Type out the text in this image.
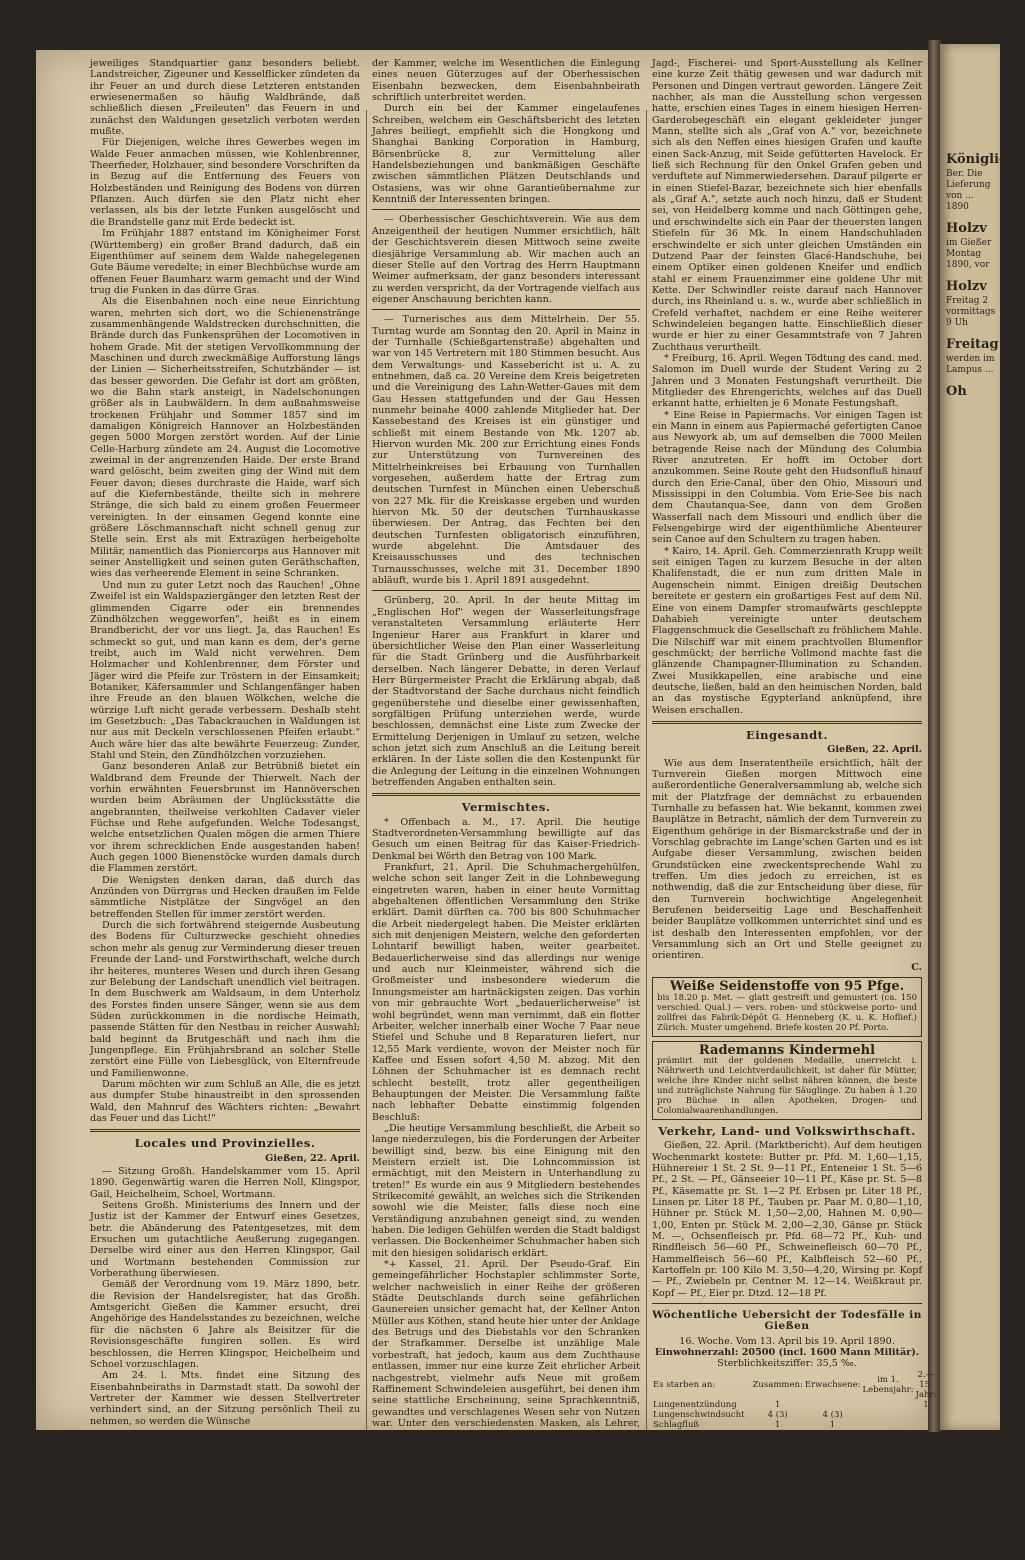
Königliche
Ber. Die Lieferung von ... 1890
Holzv
im Gießer Montag 1890, vor
Holzv
Freitag 2 vormittags 9 Uh
Freitag
werden im Lampus ...
Oh

jeweiliges Standquartier ganz besonders beliebt. Landstreicher, Zigeuner und Kesselflicker zündeten da ihr Feuer an und durch diese Letzteren entstanden erwiesenermaßen so häufig Waldbrände, daß schließlich diesen „Freileuten" das Feuern in und zunächst den Waldungen gesetzlich verboten werden mußte.

Für Diejenigen, welche ihres Gewerbes wegen im Walde Feuer anmachen müssen, wie Kohlenbrenner, Theerfieder, Holzhauer, sind besondere Vorschriften da in Bezug auf die Entfernung des Feuers von Holzbeständen und Reinigung des Bodens von dürren Pflanzen. Auch dürfen sie den Platz nicht eher verlassen, als bis der letzte Funken ausgelöscht und die Brandstelle ganz mit Erde bedeckt ist.

Im Frühjahr 1887 entstand im Königheimer Forst (Württemberg) ein großer Brand dadurch, daß ein Eigenthümer auf seinem dem Walde nahegelegenen Gute Bäume veredelte; in einer Blechbüchse wurde am offenen Feuer Baumharz warm gemacht und der Wind trug die Funken in das dürre Gras.

Als die Eisenbahnen noch eine neue Einrichtung waren, mehrten sich dort, wo die Schienenstränge zusammenhängende Waldstrecken durchschnitten, die Brände durch das Funkensprühen der Locomotiven in hohem Grade. Mit der stetigen Vervollkommnung der Maschinen und durch zweckmäßige Aufforstung längs der Linien — Sicherheitsstreifen, Schutzbänder — ist das besser geworden. Die Gefahr ist dort am größten, wo die Bahn stark ansteigt, in Nadelschonungen größer als in Laubwäldern. In dem außnahmsweise trockenen Frühjahr und Sommer 1857 sind im damaligen Königreich Hannover an Holzbeständen gegen 5000 Morgen zerstört worden. Auf der Linie Celle-Harburg zündete am 24. August die Locomotive zweimal in der angrenzenden Haide. Der erste Brand ward gelöscht, beim zweiten ging der Wind mit dem Feuer davon; dieses durchraste die Haide, warf sich auf die Kiefernbestände, theilte sich in mehrere Stränge, die sich bald zu einem großen Feuermeer vereinigten. In der einsamen Gegend konnte eine größere Löschmannschaft nicht schnell genug zur Stelle sein. Erst als mit Extrazügen herbeigeholte Militär, namentlich das Pioniercorps aus Hannover mit seiner Anstelligkeit und seinen guten Geräthschaften, wies das verheerende Element in seine Schranken.

Und nun zu guter Letzt noch das Rauchen! „Ohne Zweifel ist ein Waldspaziergänger den letzten Rest der glimmenden Cigarre oder ein brennendes Zündhölzchen weggeworfen", heißt es in einem Brandbericht, der vor uns liegt. Ja, das Rauchen! Es schmeckt so gut, und man kann es dem, der's gerne treibt, auch im Wald nicht verwehren. Dem Holzmacher und Kohlenbrenner, dem Förster und Jäger wird die Pfeife zur Tröstern in der Einsamkeit; Botaniker, Käfersammler und Schlangenfänger haben ihre Freude an den blauen Wölkchen, welche die würzige Luft nicht gerade verbessern. Deshalb steht im Gesetzbuch: „Das Tabackrauchen in Waldungen ist nur aus mit Deckeln verschlossenen Pfeifen erlaubt." Auch wäre hier das alte bewährte Feuerzeug: Zunder, Stahl und Stein, den Zündhölzchen vorzuziehen.

Ganz besonderen Anlaß zur Betrübniß bietet ein Waldbrand dem Freunde der Thierwelt. Nach der vorhin erwähnten Feuersbrunst im Hannöverschen wurden beim Abräumen der Unglücksstätte die angebrannten, theilweise verkohlten Cadaver vieler Füchse und Rehe aufgefunden. Welche Todesangst, welche entsetzlichen Qualen mögen die armen Thiere vor ihrem schrecklichen Ende ausgestanden haben! Auch gegen 1000 Bienenstöcke wurden damals durch die Flammen zerstört.

Die Wenigsten denken daran, daß durch das Anzünden von Dürrgras und Hecken draußen im Felde sämmtliche Nistplätze der Singvögel an den betreffenden Stellen für immer zerstört werden.

Durch die sich fortwährend steigernde Ausbeutung des Bodens für Culturzwecke geschieht ohnedies schon mehr als genug zur Verminderung dieser treuen Freunde der Land- und Forstwirthschaft, welche durch ihr heiteres, munteres Wesen und durch ihren Gesang zur Belebung der Landschaft unendlich viel beitragen. In dem Buschwerk am Waldsaum, in dem Unterholz des Forstes finden unsere Sänger, wenn sie aus dem Süden zurückkommen in die nordische Heimath, passende Stätten für den Nestbau in reicher Auswahl; bald beginnt da Brutgeschäft und nach ihm die Jungenpflege. Ein Frühjahrsbrand an solcher Stelle zerstört eine Fülle von Liebesglück, von Elternfreude und Familienwonne.

Darum möchten wir zum Schluß an Alle, die es jetzt aus dumpfer Stube hinaustreibt in den sprossenden Wald, den Mahnruf des Wächters richten: „Bewahrt das Feuer und das Licht!"

Locales und Provinzielles.
Gießen, 22. April.

— Sitzung Großh. Handelskammer vom 15. April 1890. Gegenwärtig waren die Herren Noll, Klingspor, Gail, Heichelheim, Schoel, Wortmann.

Seitens Großh. Ministeriums des Innern und der Justiz ist der Kammer der Entwurf eines Gesetzes, betr. die Abänderung des Patentgesetzes, mit dem Ersuchen um gutachtliche Aeußerung zugegangen. Derselbe wird einer aus den Herren Klingspor, Gail und Wortmann bestehenden Commission zur Vorberathung überwiesen.

Gemäß der Verordnung vom 19. März 1890, betr. die Revision der Handelsregister, hat das Großh. Amtsgericht Gießen die Kammer ersucht, drei Angehörige des Handelsstandes zu bezeichnen, welche für die nächsten 6 Jahre als Beisitzer für die Revisionsgeschäfte fungiren sollen. Es wird beschlossen, die Herren Klingspor, Heichelheim und Schoel vorzuschlagen.

Am 24. l. Mts. findet eine Sitzung des Eisenbahnbeiraths in Darmstadt statt. Da sowohl der Vertreter der Kammer wie dessen Stellvertreter verhindert sind, an der Sitzung persönlich Theil zu nehmen, so werden die Wünsche

der Kammer, welche im Wesentlichen die Einlegung eines neuen Güterzuges auf der Oberhessischen Eisenbahn bezwecken, dem Eisenbahnbeirath schriftlich unterbreitet werden.

Durch ein bei der Kammer eingelaufenes Schreiben, welchem ein Geschäftsbericht des letzten Jahres beiliegt, empfiehlt sich die Hongkong und Shanghai Banking Corporation in Hamburg, Börsenbrücke 8, zur Vermittelung aller Handelsbeziehungen und bankmäßigen Geschäfte zwischen sämmtlichen Plätzen Deutschlands und Ostasiens, was wir ohne Garantieübernahme zur Kenntniß der Interessenten bringen.

— Oberhessischer Geschichtsverein. Wie aus dem Anzeigentheil der heutigen Nummer ersichtlich, hält der Geschichtsverein diesen Mittwoch seine zweite diesjährige Versammlung ab. Wir machen auch an dieser Stelle auf den Vortrag des Herrn Hauptmann Weimer aufmerksam, der ganz besonders interessant zu werden verspricht, da der Vortragende vielfach aus eigener Anschauung berichten kann.

— Turnerisches aus dem Mittelrhein. Der 55. Turntag wurde am Sonntag den 20. April in Mainz in der Turnhalle (Schießgartenstraße) abgehalten und war von 145 Vertretern mit 180 Stimmen besucht. Aus dem Verwaltungs- und Kassebericht ist u. A. zu entnehmen, daß ca. 20 Vereine dem Kreis beigetreten und die Vereinigung des Lahn-Wetter-Gaues mit dem Gau Hessen stattgefunden und der Gau Hessen nunmehr beinahe 4000 zahlende Mitglieder hat. Der Kassebestand des Kreises ist ein günstiger und schließt mit einem Bestande von Mk. 1207 ab. Hiervon wurden Mk. 200 zur Errichtung eines Fonds zur Unterstützung von Turnvereinen des Mittelrheinkreises bei Erbauung von Turnhallen vorgesehen, außerdem hatte der Ertrag zum deutschen Turnfest in München einen Ueberschuß von 227 Mk. für die Kreiskasse ergeben und wurden hiervon Mk. 50 der deutschen Turnhauskasse überwiesen. Der Antrag, das Fechten bei den deutschen Turnfesten obligatorisch einzuführen, wurde abgelehnt. Die Amtsdauer des Kreisausschusses und des technischen Turnausschusses, welche mit 31. December 1890 abläuft, wurde bis 1. April 1891 ausgedehnt.

Grünberg, 20. April. In der heute Mittag im „Englischen Hof" wegen der Wasserleitungsfrage veranstalteten Versammlung erläuterte Herr Ingenieur Harer aus Frankfurt in klarer und übersichtlicher Weise den Plan einer Wasserleitung für die Stadt Grünberg und die Ausführbarkeit derselben. Nach längerer Debatte, in deren Verlauf Herr Bürgermeister Pracht die Erklärung abgab, daß der Stadtvorstand der Sache durchaus nicht feindlich gegenüberstehe und dieselbe einer gewissenhaften, sorgfältigen Prüfung unterziehen werde, wurde beschlossen, demnächst eine Liste zum Zwecke der Ermittelung Derjenigen in Umlauf zu setzen, welche schon jetzt sich zum Anschluß an die Leitung bereit erklären. In der Liste sollen die den Kostenpunkt für die Anlegung der Leitung in die einzelnen Wohnungen betreffenden Angaben enthalten sein.

Vermischtes.

* Offenbach a. M., 17. April. Die heutige Stadtverordneten-Versammlung bewilligte auf das Gesuch um einen Beitrag für das Kaiser-Friedrich-Denkmal bei Wörth den Betrag von 100 Mark.

Frankfurt, 21. April. Die Schuhmachergehülfen, welche schon seit langer Zeit in die Lohnbewegung eingetreten waren, haben in einer heute Vormittag abgehaltenen öffentlichen Versammlung den Strike erklärt. Damit dürften ca. 700 bis 800 Schuhmacher die Arbeit niedergelegt haben. Die Meister erklärten sich mit denjenigen Meistern, welche den geforderten Lohntarif bewilligt haben, weiter gearbeitet. Bedauerlicherweise sind das allerdings nur wenige und auch nur Kleinmeister, während sich die Großmeister und insbesondere wiederum die Innungsmeister am hartnäckigsten zeigen. Das vorhin von mir gebrauchte Wort „bedauerlicherweise" ist wohl begründet, wenn man vernimmt, daß ein flotter Arbeiter, welcher innerhalb einer Woche 7 Paar neue Stiefel und Schuhe und 8 Reparaturen liefert, nur 12,55 Mark verdiente, wovon der Meister noch für Kaffee und Essen sofort 4,50 M. abzog. Mit den Löhnen der Schuhmacher ist es demnach recht schlecht bestellt, trotz aller gegentheiligen Behauptungen der Meister. Die Versammlung faßte nach lebhafter Debatte einstimmig folgenden Beschluß:

„Die heutige Versammlung beschließt, die Arbeit so lange niederzulegen, bis die Forderungen der Arbeiter bewilligt sind, bezw. bis eine Einigung mit den Meistern erzielt ist. Die Lohncommission ist ermächtigt, mit den Meistern in Unterhandlung zu treten!" Es wurde ein aus 9 Mitgliedern bestehendes Strikecomité gewählt, an welches sich die Strikenden sowohl wie die Meister, falls diese noch eine Verständigung anzubahnen geneigt sind, zu wenden haben. Die ledigen Gehülfen werden die Stadt baldigst verlassen. Die Bockenheimer Schuhmacher haben sich mit den hiesigen solidarisch erklärt.

*+ Kassel, 21. April. Der Pseudo-Graf. Ein gemeingefährlicher Hochstapler schlimmster Sorte, welcher nachweislich in einer Reihe der größeren Städte Deutschlands durch seine gefährlichen Gaunereien unsicher gemacht hat, der Kellner Anton Müller aus Köthen, stand heute hier unter der Anklage des Betrugs und des Diebstahls vor den Schranken der Strafkammer. Derselbe ist unzählige Male vorbestraft, hat jedoch, kaum aus dem Zuchthause entlassen, immer nur eine kurze Zeit ehrlicher Arbeit nachgestrebt, vielmehr aufs Neue mit großem Raffinement Schwindeleien ausgeführt, bei denen ihm seine stattliche Erscheinung, seine Sprachkenntniß, gewandtes und verschlagenes Wesen sehr von Nutzen war. Unter den verschiedensten Masken, als Lehrer, Schauspieler, Student, Collecteur u. s. w., hat er sich in das Vertrauen seiner Mitmenschen eingeschlichen und dieselben auf das Schändlichste betrogen. Seine letzte Gastrolle gab er als „Graf" hier in Kassel. Er war im Sommer v. J. auf der hiesigen

Jagd-, Fischerei- und Sport-Ausstellung als Kellner eine kurze Zeit thätig gewesen und war dadurch mit Personen und Dingen vertraut geworden. Längere Zeit nachher, als man die Ausstellung schon vergessen hatte, erschien eines Tages in einem hiesigen Herren-Garderobegeschäft ein elegant gekleideter junger Mann, stellte sich als „Graf von A." vor, bezeichnete sich als den Neffen eines hiesigen Grafen und kaufte einen Sack-Anzug, mit Seide gefütterten Havelock. Er ließ sich Rechnung für den Onkel Grafen geben und verduftete auf Nimmerwiedersehen. Darauf pilgerte er in einen Stiefel-Bazar, bezeichnete sich hier ebenfalls als „Graf A.", setzte auch noch hinzu, daß er Student sei, von Heidelberg komme und nach Göttingen gehe, und erschwindelte sich ein Paar der theuersten langen Stiefeln für 36 Mk. In einem Handschuhladen erschwindelte er sich unter gleichen Umständen ein Dutzend Paar der feinsten Glacé-Handschuhe, bei einem Optiker einen goldenen Kneifer und endlich stahl er einem Frauenzimmer eine goldene Uhr mit Kette. Der Schwindler reiste darauf nach Hannover durch, ins Rheinland u. s. w., wurde aber schließlich in Crefeld verhaftet, nachdem er eine Reihe weiterer Schwindeleien begangen hatte. Einschließlich dieser wurde er hier zu einer Gesammtstrafe von 7 Jahren Zuchthaus verurtheilt.

* Freiburg, 16. April. Wegen Tödtung des cand. med. Salomon im Duell wurde der Student Vering zu 2 Jahren und 3 Monaten Festungshaft verurtheilt. Die Mitglieder des Ehrengerichts, welches auf das Duell erkannt hatte, erhielten je 6 Monate Festungshaft.

* Eine Reise in Papiermachs. Vor einigen Tagen ist ein Mann in einem aus Papiermaché gefertigten Canoe aus Newyork ab, um auf demselben die 7000 Meilen betragende Reise nach der Mündung des Columbia River anzutreten. Er hofft im October dort anzukommen. Seine Route geht den Hudsonfluß hinauf durch den Erie-Canal, über den Ohio, Missouri und Mississippi in den Columbia. Vom Erie-See bis nach dem Chautanqua-See, dann von dem Großen Wasserfall nach dem Missouri und endlich über die Felsengebirge wird der eigenthümliche Abenteurer sein Canoe auf den Schultern zu tragen haben.

* Kairo, 14. April. Geh. Commerzienrath Krupp weilt seit einigen Tagen zu kurzem Besuche in der alten Khalifenstadt, die er nun zum dritten Male in Augenschein nimmt. Einigen dreißig Deutschen bereitete er gestern ein großartiges Fest auf dem Nil. Eine von einem Dampfer stromaufwärts geschleppte Dahabieh vereinigte unter deutschem Flaggenschmuck die Gesellschaft zu fröhlichem Mahle. Die Nilschiff war mit einem prachtvollen Blumenflor geschmückt; der herrliche Vollmond machte fast die glänzende Champagner-Illumination zu Schanden. Zwei Musikkapellen, eine arabische und eine deutsche, ließen, bald an den heimischen Norden, bald an das mystische Egypterland anknüpfend, ihre Weisen erschallen.

Eingesandt.
Gießen, 22. April.

Wie aus dem Inseratentheile ersichtlich, hält der Turnverein Gießen morgen Mittwoch eine außerordentliche Generalversammlung ab, welche sich mit der Platzfrage der demnächst zu erbauenden Turnhalle zu befassen hat. Wie bekannt, kommen zwei Bauplätze in Betracht, nämlich der dem Turnverein zu Eigenthum gehörige in der Bismarckstraße und der in Vorschlag gebrachte im Lange'schen Garten und es ist Aufgabe dieser Versammlung, zwischen beiden Grundstücken eine zweckentsprechende Wahl zu treffen. Um dies jedoch zu erreichen, ist es nothwendig, daß die zur Entscheidung über diese, für den Turnverein hochwichtige Angelegenheit Berufenen beiderseitig Lage und Beschaffenheit beider Bauplätze vollkommen unterrichtet sind und es ist deshalb den Interessenten empfohlen, vor der Versammlung sich an Ort und Stelle geeignet zu orientiren.

C.
Weiße Seidenstoffe von 95 Pfge.
bis 18.20 p. Met. — glatt gestreift und gemustert (ca. 150 verschied. Qual.) — vers. roben- und stückweise porto- und zollfrei das Fabrik-Dépôt G. Henneberg (K. u. K. Hoflief.) Zürich. Muster umgehend. Briefe kosten 20 Pf. Porto.
Rademanns Kindermehl
prämiirt mit der goldenen Medaille, unerreicht i. Nährwerth und Leichtverdaulichkeit, ist daher für Mütter, welche ihre Kinder nicht selbst nähren können, die beste und zuträglichste Nahrung für Säuglinge. Zu haben à 1.20 pro Büchse in allen Apotheken, Drogen- und Colonialwaarenhandlungen.
Verkehr, Land- und Volkswirthschaft.

Gießen, 22. April. (Marktbericht). Auf dem heutigen Wochenmarkt kostete: Butter pr. Pfd. M. 1,60—1,15, Hühnereier 1 St. 2 St. 9—11 Pf., Enteneier 1 St. 5—6 Pf., 2 St. — Pf., Gänseeier 10—11 Pf., Käse pr. St. 5—8 Pf., Käsematte pr. St. 1—2 Pf. Erbsen pr. Liter 18 Pf., Linsen pr. Liter 18 Pf., Tauben pr. Paar M. 0,80—1,10, Hühner pr. Stück M. 1,50—2,00, Hahnen M. 0,90—1,00, Enten pr. Stück M. 2,00—2,30, Gänse pr. Stück M. —, Ochsenfleisch pr. Pfd. 68—72 Pf., Kuh- und Rindfleisch 56—60 Pf., Schweinefleisch 60—70 Pf., Hammelfleisch 56—60 Pf., Kalbfleisch 52—60 Pf., Kartoffeln pr. 100 Kilo M. 3,50—4,20, Wirsing pr. Kopf — Pf., Zwiebeln pr. Centner M. 12—14. Weißkraut pr. Kopf — Pf., Eier pr. Dtzd. 12—18 Pf.

Wöchentliche Uebersicht der Todesfälle in Gießen
16. Woche. Vom 13. April bis 19. April 1890.
Einwohnerzahl: 20500 (incl. 1600 Mann Militär).
Sterblichkeitsziffer: 35,5 ‰.
Es starben an:	Zusammen:	Erwachsene:	im 1. Lebensjahr:	2.—15. Jahr:
Lungenentzündung	1			1
Lungenschwindsucht	4 (3)	4 (3)		
Schlagfluß	1	1		
Stimmritzenkrampf	1		1	
Lebensschwäche	1		1	
Bauchfellentzündung	1	1		
Diarrhoe	1		1	
Neubildung im Gehirn	1 (1)			1 (1)
Krämpfen	1		1	
Knochenmarkentzünd.	1 (1)	1 (1)		
Altersschwäche	1	1		
Summa:	14 (5)	8 (3)	4	2 (1)

Anm. Die in Klammern gesetzten Ziffern geben an, wie viele der Todesfälle in der betreffenden Krankheit auf von Auswärts nach Gießen gebrachte Kranke kommen.
